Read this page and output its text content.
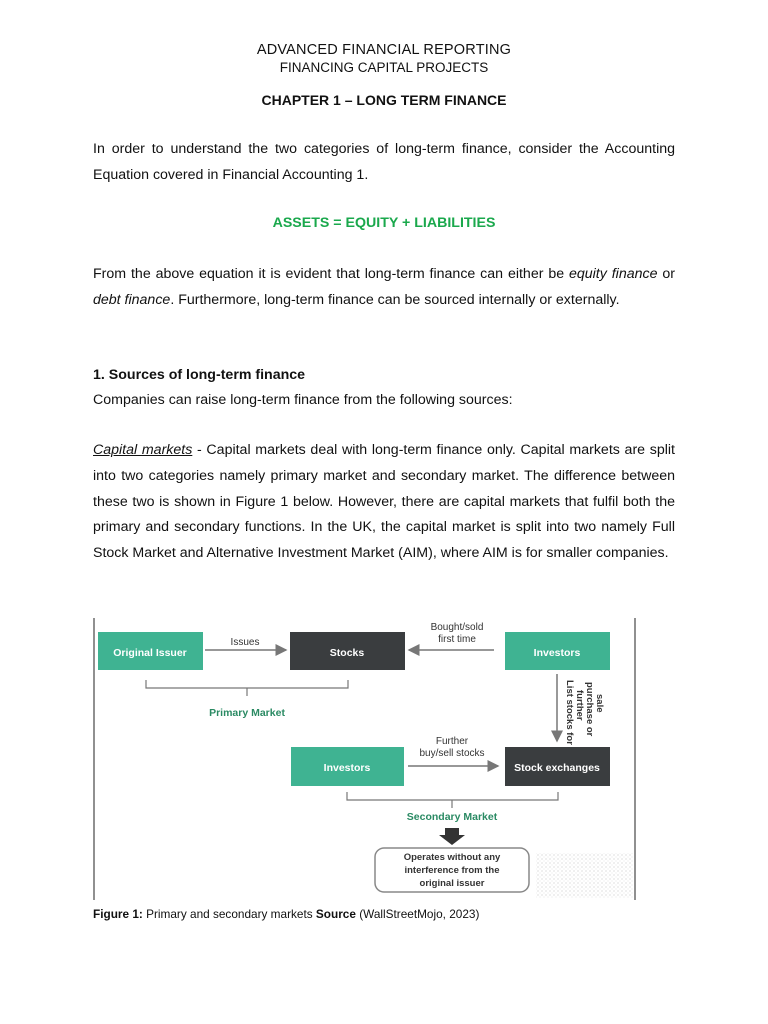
ADVANCED FINANCIAL REPORTING
FINANCING CAPITAL PROJECTS
CHAPTER 1 – LONG TERM FINANCE
In order to understand the two categories of long-term finance, consider the Accounting Equation covered in Financial Accounting 1.
ASSETS = EQUITY + LIABILITIES
From the above equation it is evident that long-term finance can either be equity finance or debt finance. Furthermore, long-term finance can be sourced internally or externally.
1. Sources of long-term finance
Companies can raise long-term finance from the following sources:
Capital markets - Capital markets deal with long-term finance only. Capital markets are split into two categories namely primary market and secondary market. The difference between these two is shown in Figure 1 below. However, there are capital markets that fulfil both the primary and secondary functions. In the UK, the capital market is split into two namely Full Stock Market and Alternative Investment Market (AIM), where AIM is for smaller companies.
Original Issuer	Stocks	Investors
Issues
Bought/sold
first time
Primary Market	List stocks for further purchase or sale
Investors	Stock exchanges
Further
buy/sell stocks
Secondary Market
Operates without any
interference from the
original issuer
Figure 1: Primary and secondary markets Source (WallStreetMojo, 2023)
